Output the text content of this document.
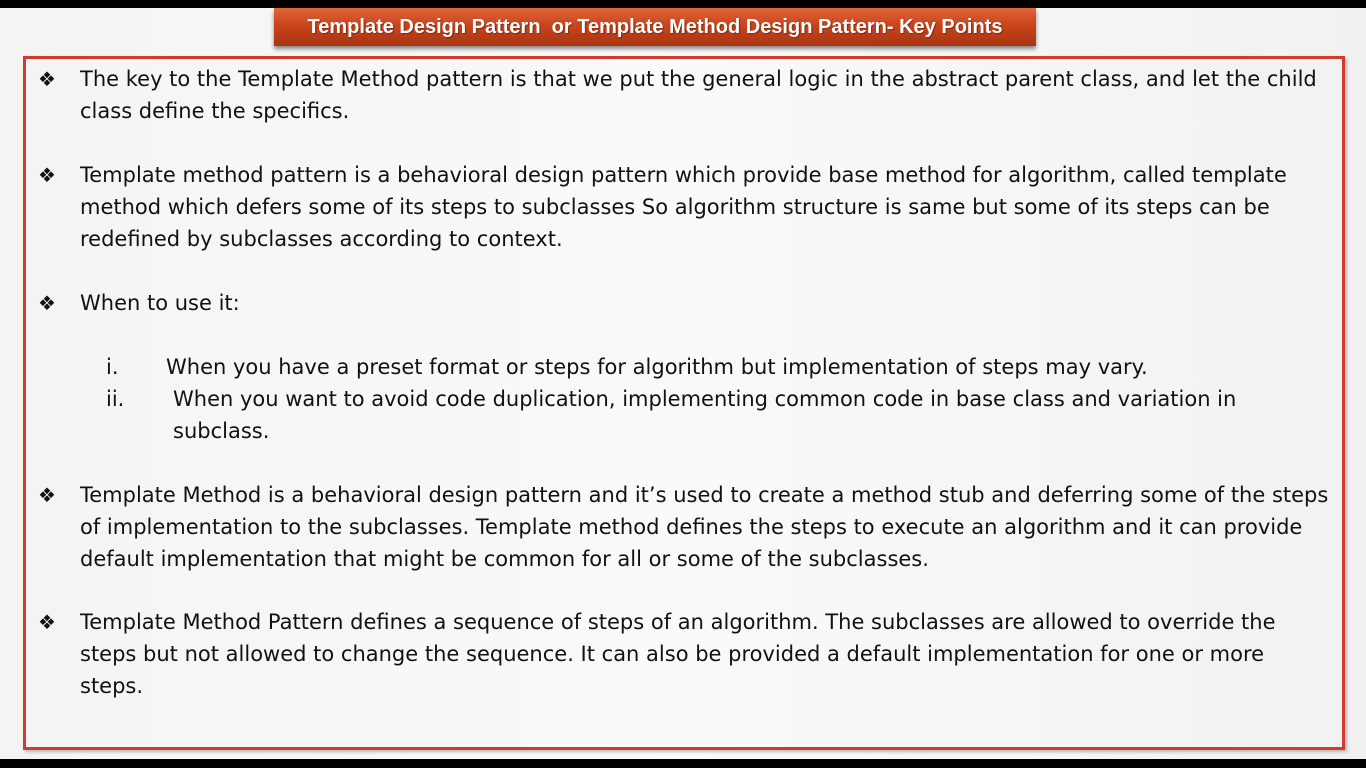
Template Design Pattern  or Template Method Design Pattern- Key Points
❖ The key to the Template Method pattern is that we put the general logic in the abstract parent class, and let the child class define the specifics.
❖ Template method pattern is a behavioral design pattern which provide base method for algorithm, called template method which defers some of its steps to subclasses So algorithm structure is same but some of its steps can be redefined by subclasses according to context.
❖ When to use it:
i. When you have a preset format or steps for algorithm but implementation of steps may vary.
ii. When you want to avoid code duplication, implementing common code in base class and variation in subclass.
❖ Template Method is a behavioral design pattern and it’s used to create a method stub and deferring some of the steps of implementation to the subclasses. Template method defines the steps to execute an algorithm and it can provide default implementation that might be common for all or some of the subclasses.
❖ Template Method Pattern defines a sequence of steps of an algorithm. The subclasses are allowed to override the steps but not allowed to change the sequence. It can also be provided a default implementation for one or more steps.
